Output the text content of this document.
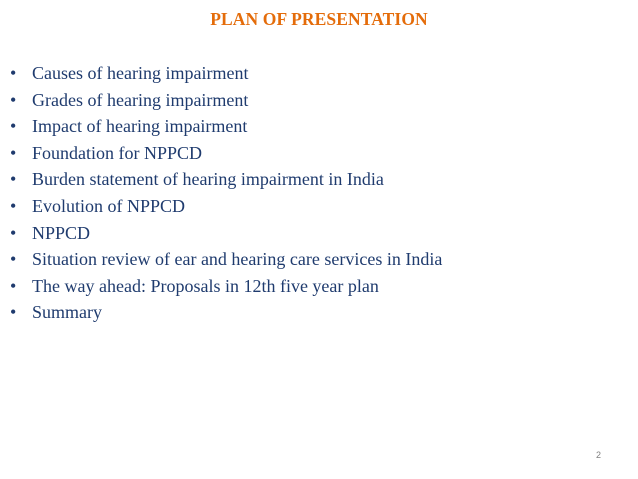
PLAN OF PRESENTATION
• Causes of hearing impairment
• Grades of hearing impairment
• Impact of hearing impairment
• Foundation for NPPCD
• Burden statement of hearing impairment in India
• Evolution of NPPCD
• NPPCD
• Situation review of ear and hearing care services in India
• The way ahead: Proposals in 12th five year plan
• Summary
2
